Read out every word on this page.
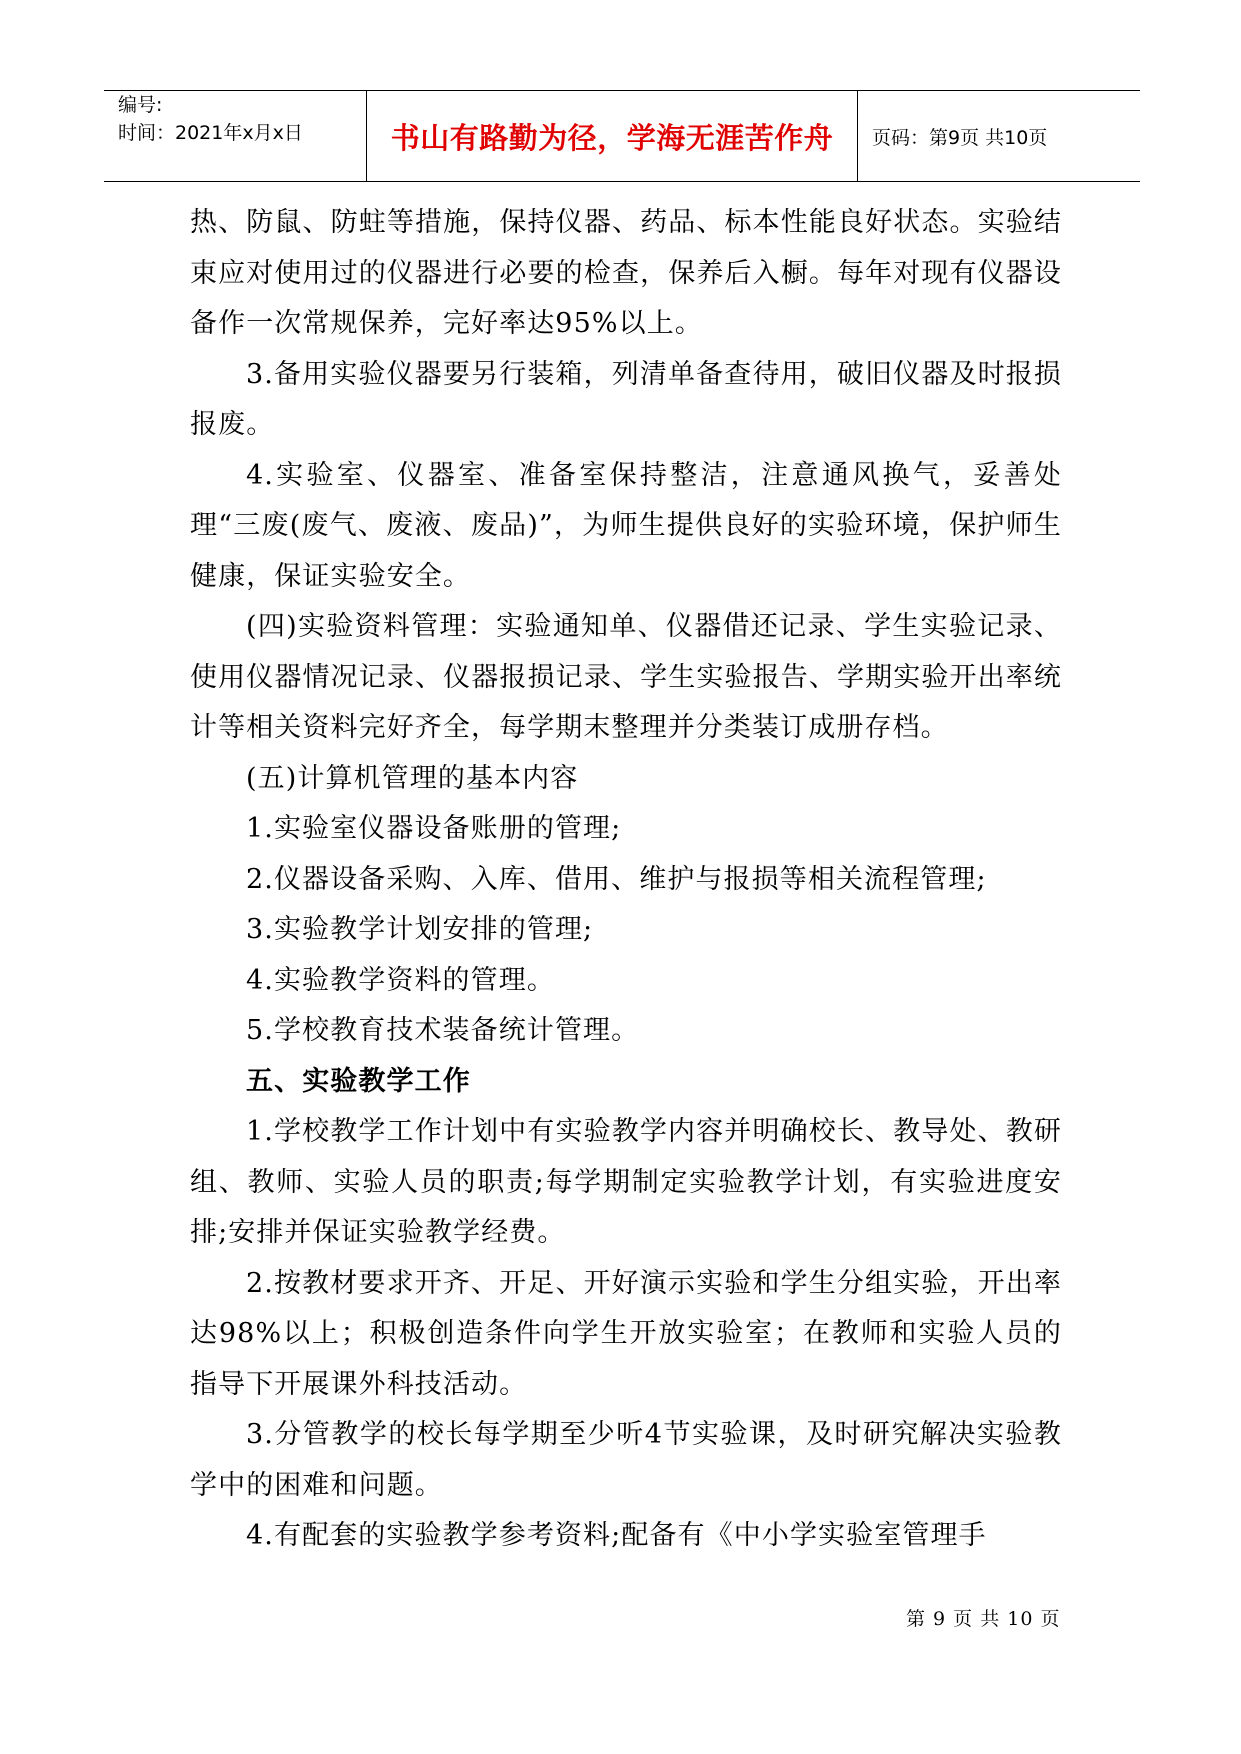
编号:
时间：2021年x月x日	书山有路勤为径，学海无涯苦作舟 页码：第9页 共10页

热、防鼠、防蛀等措施，保持仪器、药品、标本性能良好状态。实验结束应对使用过的仪器进行必要的检查，保养后入橱。每年对现有仪器设备作一次常规保养，完好率达95%以上。

3.备用实验仪器要另行装箱，列清单备查待用，破旧仪器及时报损报废。

4.实验室、仪器室、准备室保持整洁，注意通风换气，妥善处理“三废(废气、废液、废品)”，为师生提供良好的实验环境，保护师生健康，保证实验安全。

(四)实验资料管理：实验通知单、仪器借还记录、学生实验记录、使用仪器情况记录、仪器报损记录、学生实验报告、学期实验开出率统计等相关资料完好齐全，每学期末整理并分类装订成册存档。

(五)计算机管理的基本内容

1.实验室仪器设备账册的管理;

2.仪器设备采购、入库、借用、维护与报损等相关流程管理;

3.实验教学计划安排的管理;

4.实验教学资料的管理。

5.学校教育技术装备统计管理。

五、实验教学工作

1.学校教学工作计划中有实验教学内容并明确校长、教导处、教研组、教师、实验人员的职责;每学期制定实验教学计划，有实验进度安排;安排并保证实验教学经费。

2.按教材要求开齐、开足、开好演示实验和学生分组实验，开出率达98%以上；积极创造条件向学生开放实验室；在教师和实验人员的指导下开展课外科技活动。

3.分管教学的校长每学期至少听4节实验课，及时研究解决实验教学中的困难和问题。

4.有配套的实验教学参考资料;配备有《中小学实验室管理手

第 9 页 共 10 页
